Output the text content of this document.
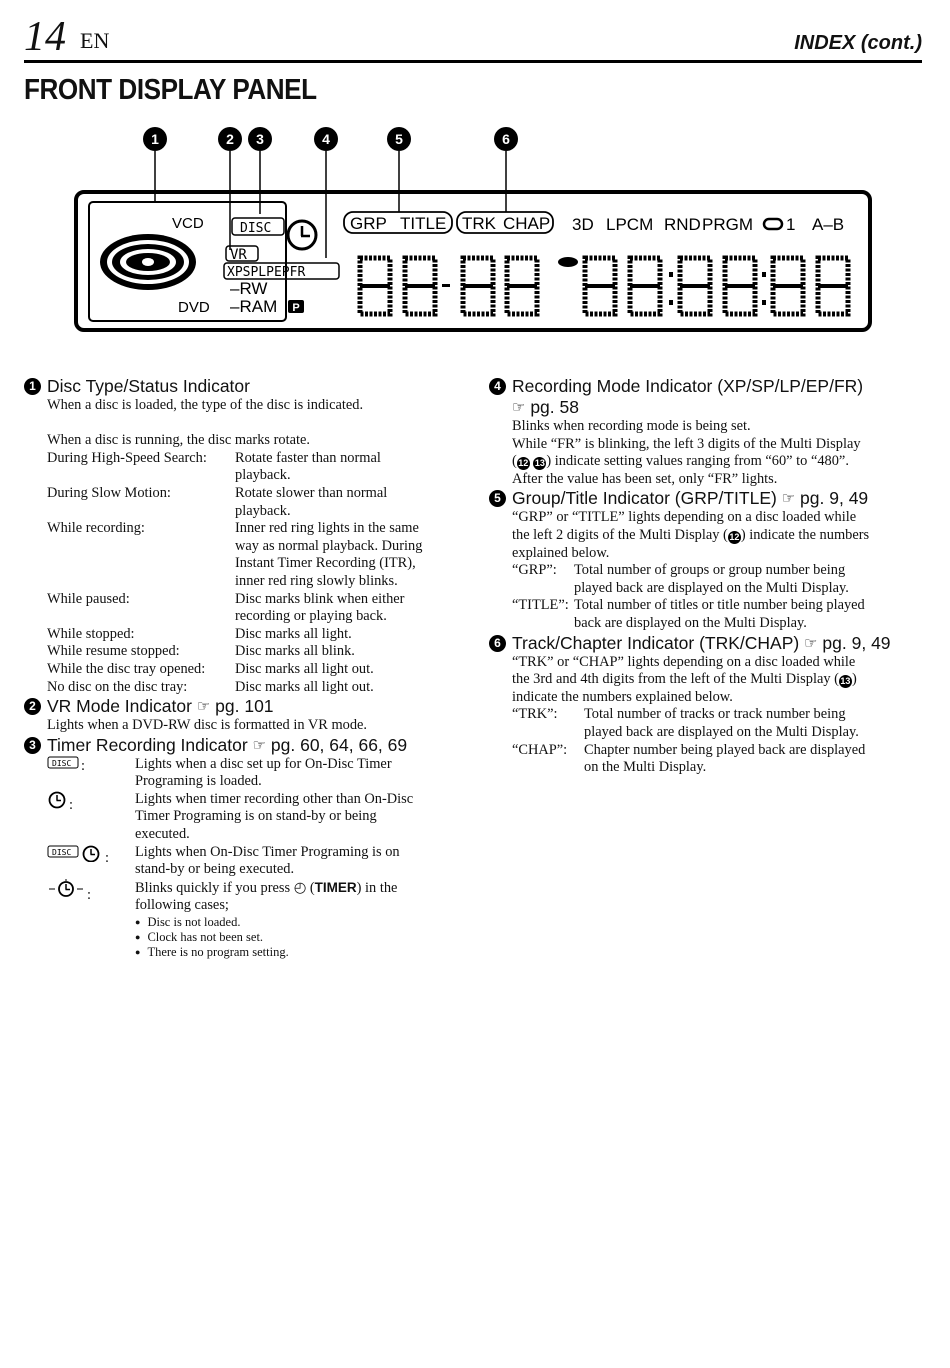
14 EN	INDEX (cont.)
FRONT DISPLAY PANEL
1	2 3	4	5	6
VCD
DVD
DISC
VR
XPSPLPEPFR
–RW
–RAM P
GRP TITLE TRK CHAP 3D LPCM RND PRGM 1 A–B
1 Disc Type/Status Indicator
When a disc is loaded, the type of the disc is indicated.
When a disc is running, the disc marks rotate.
During High-Speed Search:	Rotate faster than normal
playback.
During Slow Motion:	Rotate slower than normal
playback.
While recording:	Inner red ring lights in the same
way as normal playback. During
Instant Timer Recording (ITR),
inner red ring slowly blinks.
While paused:	Disc marks blink when either
recording or playing back.
While stopped:	Disc marks all light.
While resume stopped:	Disc marks all blink.
While the disc tray opened:	Disc marks all light out.
No disc on the disc tray:	Disc marks all light out.
2 VR Mode Indicator
☞
pg. 101
Lights when a DVD-RW disc is formatted in VR mode.
3 Timer Recording Indicator
☞
pg. 60, 64, 66, 69
DISC :	Lights when a disc set up for On-Disc Timer
Programing is loaded.
:	Lights when timer recording other than On-Disc
Timer Programing is on stand-by or being
executed.
DISC :	Lights when On-Disc Timer Programing is on
stand-by or being executed.
:	Blinks quickly if you press ◴ (TIMER) in the
following cases;
● Disc is not loaded.
● Clock has not been set.
● There is no program setting.
4 Recording Mode Indicator (XP/SP/LP/EP/FR)
☞
pg. 58
Blinks when recording mode is being set.
While “FR” is blinking, the left 3 digits of the Multi Display
(12 13 ) indicate setting values ranging from “60” to “480”.
After the value has been set, only “FR” lights.
5 Group/Title Indicator (GRP/TITLE)
☞
pg. 9, 49
“GRP” or “TITLE” lights depending on a disc loaded while
the left 2 digits of the Multi Display (12 ) indicate the numbers
explained below.
“GRP”:	Total number of groups or group number being
played back are displayed on the Multi Display.
“TITLE”: Total number of titles or title number being played
back are displayed on the Multi Display.
6 Track/Chapter Indicator (TRK/CHAP)
☞
pg. 9, 49
“TRK” or “CHAP” lights depending on a disc loaded while
the 3rd and 4th digits from the left of the Multi Display (13 )
indicate the numbers explained below.
“TRK”:	Total number of tracks or track number being
played back are displayed on the Multi Display.
“CHAP”:	Chapter number being played back are displayed
on the Multi Display.
